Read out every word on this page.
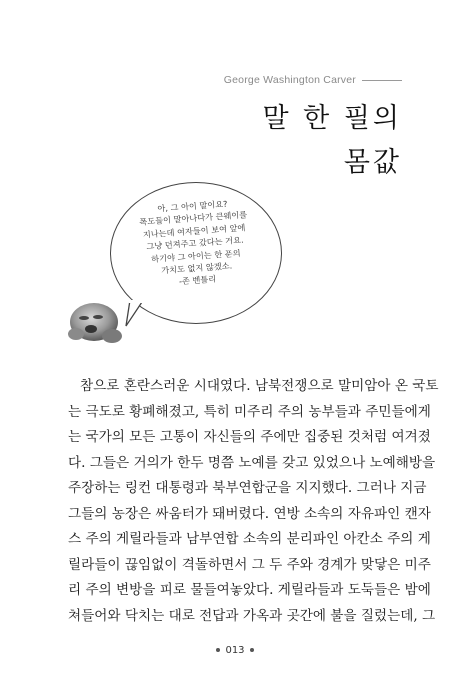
George Washington Carver
말 한 필의
몸값
아, 그 아이 말이요?
폭도들이 말아나다가 큰웨이를
지나는데 여자들이 보여 앞에
그냥 던져주고 갔다는 거요.
하기야 그 아이는 한 푼의
가치도 없지 않겠소.
-존 벤틀리
참으로 혼란스러운 시대였다. 남북전쟁으로 말미암아 온 국토
는 극도로 황폐해졌고, 특히 미주리 주의 농부들과 주민들에게
는 국가의 모든 고통이 자신들의 주에만 집중된 것처럼 여겨졌
다. 그들은 거의가 한두 명쯤 노예를 갖고 있었으나 노예해방을
주장하는 링컨 대통령과 북부연합군을 지지했다. 그러나 지금
그들의 농장은 싸움터가 돼버렸다. 연방 소속의 자유파인 캔자
스 주의 게릴라들과 남부연합 소속의 분리파인 아칸소 주의 게
릴라들이 끊임없이 격돌하면서 그 두 주와 경계가 맞닿은 미주
리 주의 변방을 피로 물들여놓았다. 게릴라들과 도둑들은 밤에
쳐들어와 닥치는 대로 전답과 가옥과 곳간에 불을 질렀는데, 그
013
